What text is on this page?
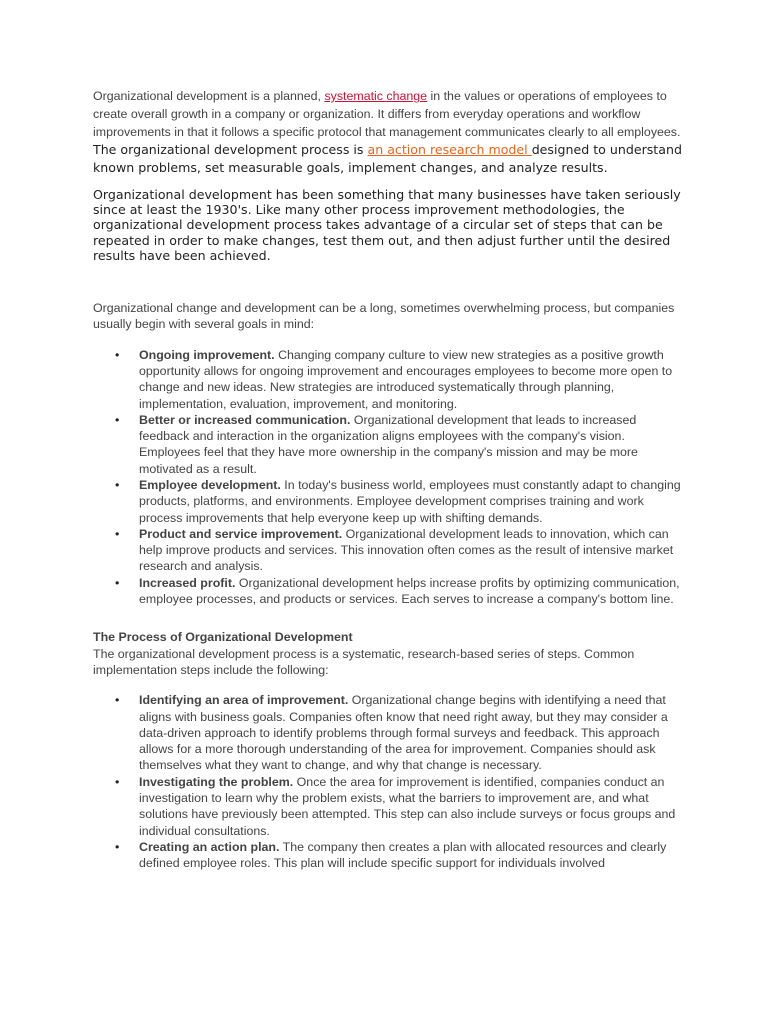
Organizational development is a planned, systematic change in the values or operations of employees to create overall growth in a company or organization. It differs from everyday operations and workflow improvements in that it follows a specific protocol that management communicates clearly to all employees. The organizational development process is an action research model designed to understand known problems, set measurable goals, implement changes, and analyze results.

Organizational development has been something that many businesses have taken seriously since at least the 1930's. Like many other process improvement methodologies, the organizational development process takes advantage of a circular set of steps that can be repeated in order to make changes, test them out, and then adjust further until the desired results have been achieved.

Organizational change and development can be a long, sometimes overwhelming process, but companies usually begin with several goals in mind:

• Ongoing improvement. Changing company culture to view new strategies as a positive growth opportunity allows for ongoing improvement and encourages employees to become more open to change and new ideas. New strategies are introduced systematically through planning, implementation, evaluation, improvement, and monitoring.
• Better or increased communication. Organizational development that leads to increased feedback and interaction in the organization aligns employees with the company's vision. Employees feel that they have more ownership in the company's mission and may be more motivated as a result.
• Employee development. In today's business world, employees must constantly adapt to changing products, platforms, and environments. Employee development comprises training and work process improvements that help everyone keep up with shifting demands.
• Product and service improvement. Organizational development leads to innovation, which can help improve products and services. This innovation often comes as the result of intensive market research and analysis.
• Increased profit. Organizational development helps increase profits by optimizing communication, employee processes, and products or services. Each serves to increase a company's bottom line.
The Process of Organizational Development

The organizational development process is a systematic, research-based series of steps. Common implementation steps include the following:

• Identifying an area of improvement. Organizational change begins with identifying a need that aligns with business goals. Companies often know that need right away, but they may consider a data-driven approach to identify problems through formal surveys and feedback. This approach allows for a more thorough understanding of the area for improvement. Companies should ask themselves what they want to change, and why that change is necessary.
• Investigating the problem. Once the area for improvement is identified, companies conduct an investigation to learn why the problem exists, what the barriers to improvement are, and what solutions have previously been attempted. This step can also include surveys or focus groups and individual consultations.
• Creating an action plan. The company then creates a plan with allocated resources and clearly defined employee roles. This plan will include specific support for individuals involved
